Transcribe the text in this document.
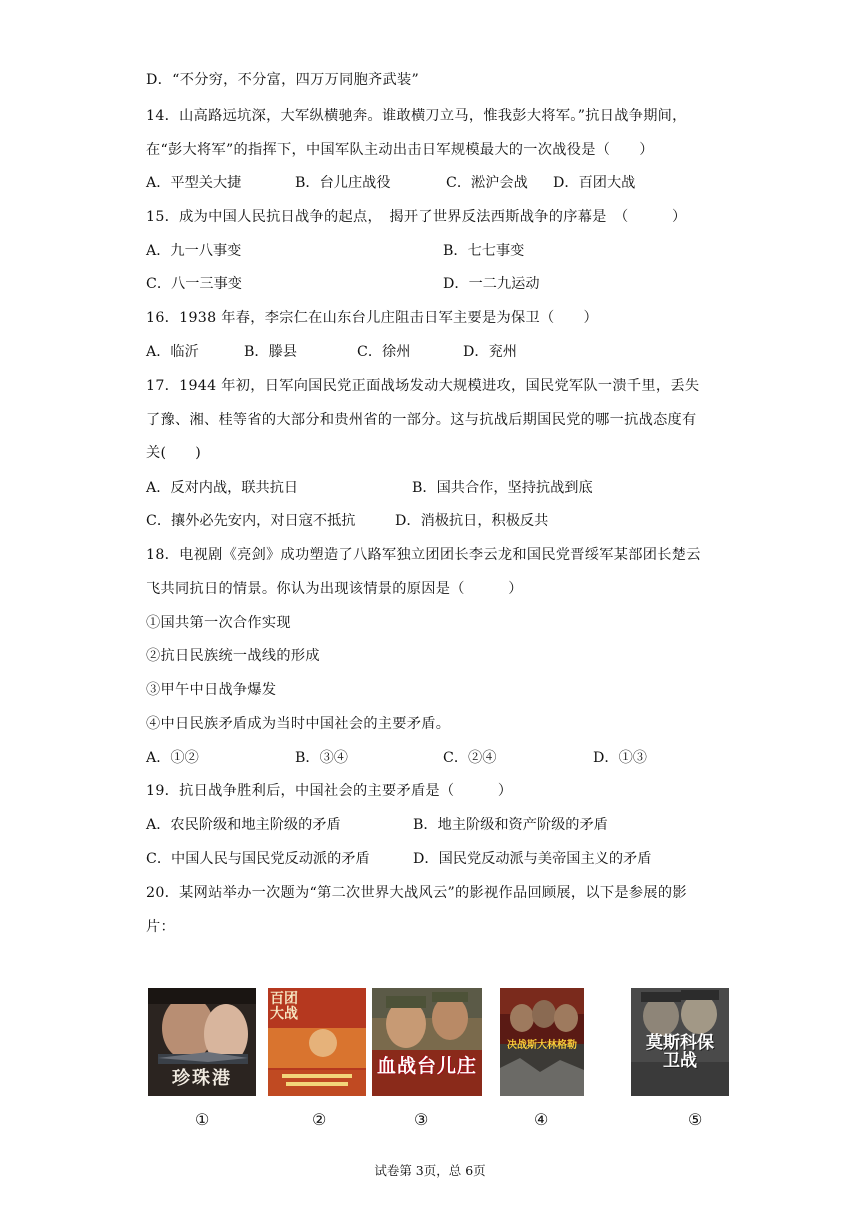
D．“不分穷，不分富，四万万同胞齐武装”
14．山高路远坑深，大军纵横驰奔。谁敢横刀立马，惟我彭大将军。”抗日战争期间，
在“彭大将军”的指挥下，中国军队主动出击日军规模最大的一次战役是（　　）
A．平型关大捷	B．台儿庄战役	C．淞沪会战 D．百团大战
15．成为中国人民抗日战争的起点，　揭开了世界反法西斯战争的序幕是　（　　　）
A．九一八事变	B．七七事变
C．八一三事变	D．一二九运动
16．1938 年春，李宗仁在山东台儿庄阻击日军主要是为保卫（　　）
A．临沂	B．滕县	C．徐州	D．兖州
17．1944 年初，日军向国民党正面战场发动大规模进攻，国民党军队一溃千里，丢失
了豫、湘、桂等省的大部分和贵州省的一部分。这与抗战后期国民党的哪一抗战态度有
关(　　)
A．反对内战，联共抗日	B．国共合作，坚持抗战到底
C．攘外必先安内，对日寇不抵抗	D．消极抗日，积极反共
18．电视剧《亮剑》成功塑造了八路军独立团团长李云龙和国民党晋绥军某部团长楚云
飞共同抗日的情景。你认为出现该情景的原因是（　　　）
①国共第一次合作实现
②抗日民族统一战线的形成
③甲午中日战争爆发
④中日民族矛盾成为当时中国社会的主要矛盾。
A．①②	B．③④	C．②④	D．①③
19．抗日战争胜利后，中国社会的主要矛盾是（　　　）
A．农民阶级和地主阶级的矛盾	B．地主阶级和资产阶级的矛盾
C．中国人民与国民党反动派的矛盾	D．国民党反动派与美帝国主义的矛盾
20．某网站举办一次题为“第二次世界大战风云”的影视作品回顾展，以下是参展的影
片：
珍珠港
百团大战
血战台儿庄
决战斯大林格勒	莫斯科保卫战
①	②	③	④	⑤
试卷第 3页，总 6页
